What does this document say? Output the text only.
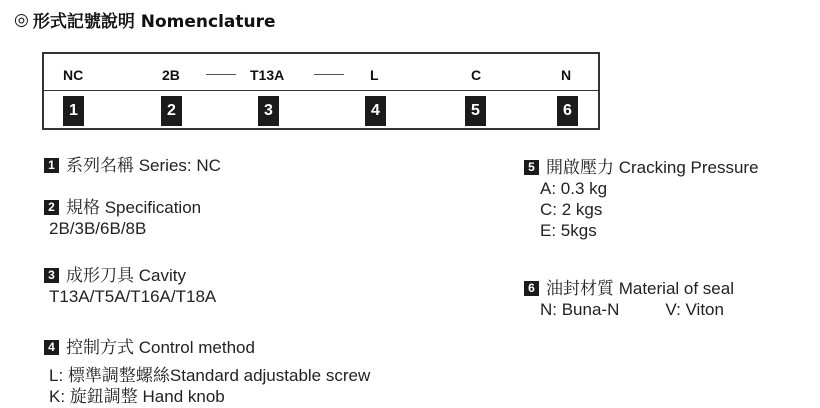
◎ 形式記號說明 Nomenclature
NC	2B	T13A	L	C	N
1	2	3	4	5	6
1 系列名稱 Series: NC
2 規格 Specification
2B/3B/6B/8B
3 成形刀具 Cavity
T13A/T5A/T16A/T18A
4 控制方式 Control method
L: 標準調整螺絲Standard adjustable screw
K: 旋鈕調整 Hand knob
5 開啟壓力 Cracking Pressure
A: 0.3 kg
C: 2 kgs
E: 5kgs
6 油封材質 Material of seal
N: Buna-N	V: Viton
